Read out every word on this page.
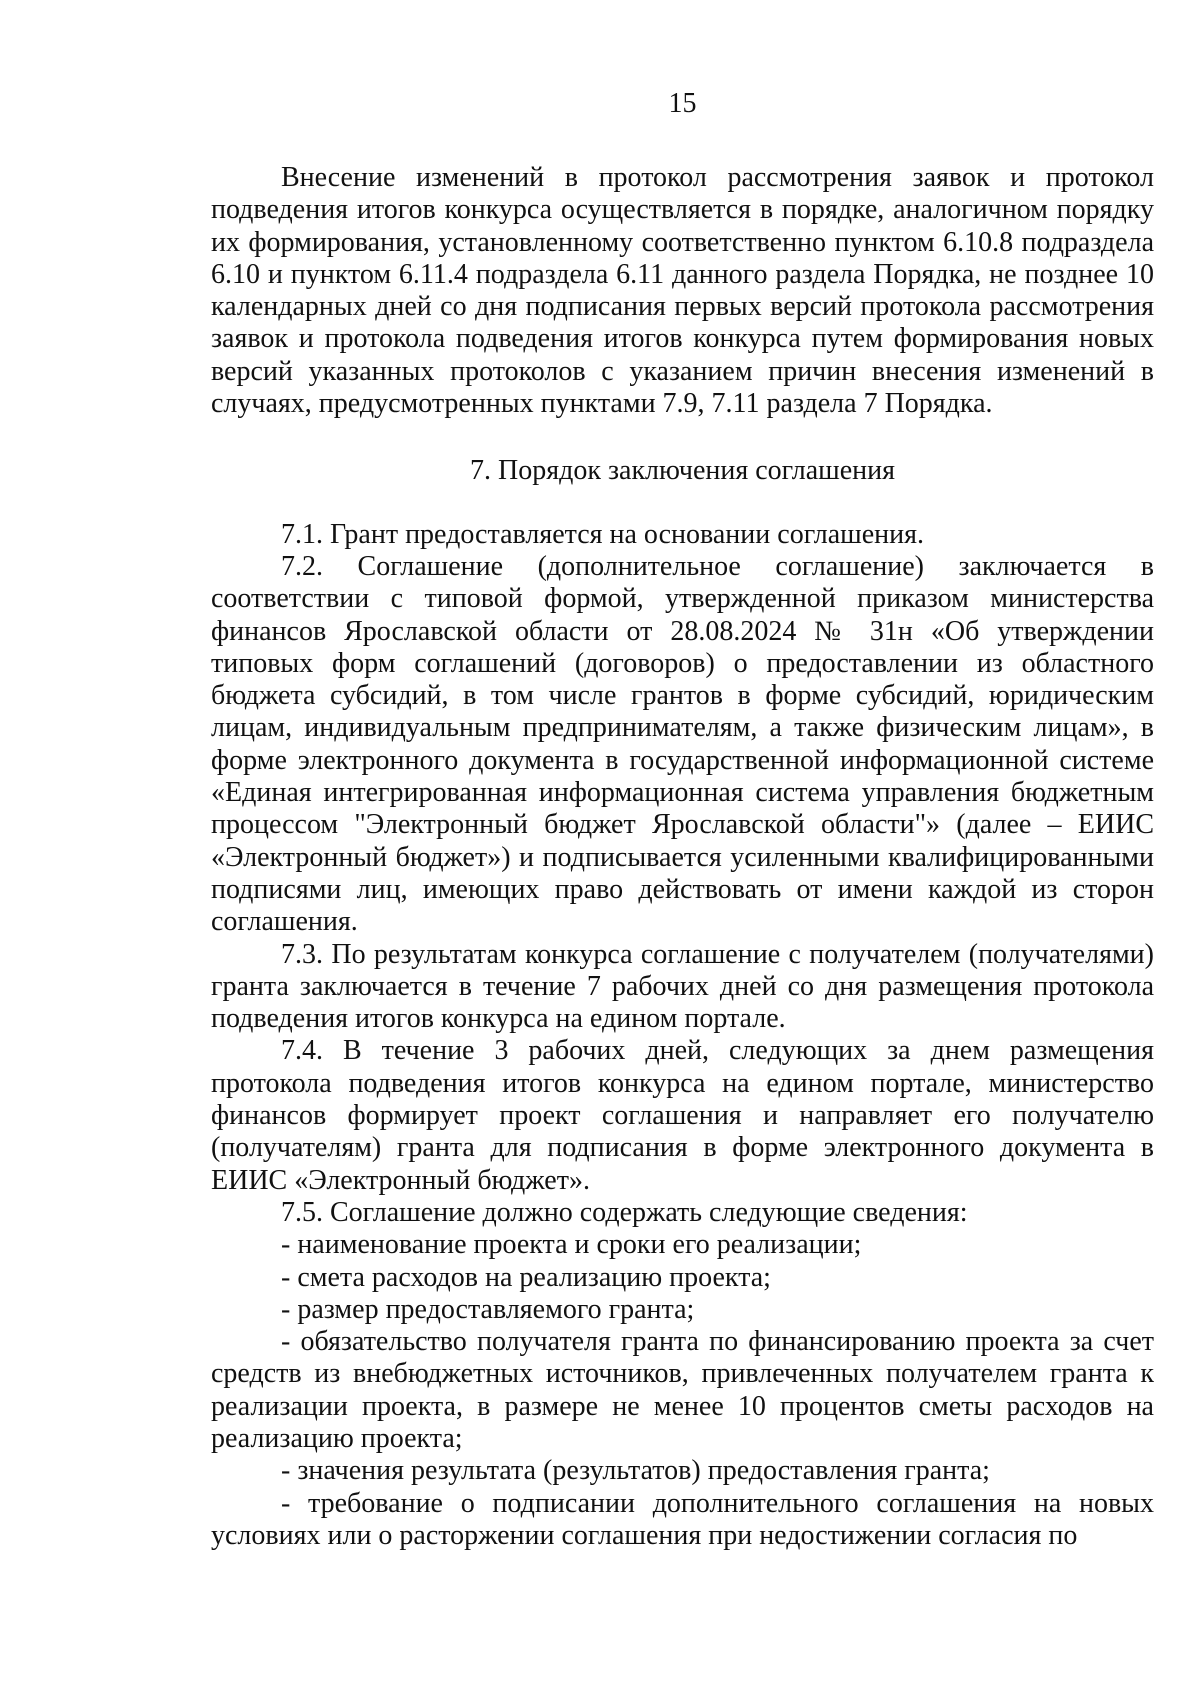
15

Внесение изменений в протокол рассмотрения заявок и протокол подведения итогов конкурса осуществляется в порядке, аналогичном порядку их формирования, установленному соответственно пунктом 6.10.8 подраздела 6.10 и пунктом 6.11.4 подраздела 6.11 данного раздела Порядка, не позднее 10 календарных дней со дня подписания первых версий протокола рассмотрения заявок и протокола подведения итогов конкурса путем формирования новых версий указанных протоколов с указанием причин внесения изменений в случаях, предусмотренных пунктами 7.9, 7.11 раздела 7 Порядка.

7. Порядок заключения соглашения

7.1. Грант предоставляется на основании соглашения.

7.2. Соглашение (дополнительное соглашение) заключается в соответствии с типовой формой, утвержденной приказом министерства финансов Ярославской области от 28.08.2024 № 31н «Об утверждении типовых форм соглашений (договоров) о предоставлении из областного бюджета субсидий, в том числе грантов в форме субсидий, юридическим лицам, индивидуальным предпринимателям, а также физическим лицам», в форме электронного документа в государственной информационной системе «Единая интегрированная информационная система управления бюджетным процессом "Электронный бюджет Ярославской области"» (далее – ЕИИС «Электронный бюджет») и подписывается усиленными квалифицированными подписями лиц, имеющих право действовать от имени каждой из сторон соглашения.

7.3. По результатам конкурса соглашение с получателем (получателями) гранта заключается в течение 7 рабочих дней со дня размещения протокола подведения итогов конкурса на едином портале.

7.4. В течение 3 рабочих дней, следующих за днем размещения протокола подведения итогов конкурса на едином портале, министерство финансов формирует проект соглашения и направляет его получателю (получателям) гранта для подписания в форме электронного документа в ЕИИС «Электронный бюджет».

7.5. Соглашение должно содержать следующие сведения:

- наименование проекта и сроки его реализации;

- смета расходов на реализацию проекта;

- размер предоставляемого гранта;

- обязательство получателя гранта по финансированию проекта за счет средств из внебюджетных источников, привлеченных получателем гранта к реализации проекта, в размере не менее 10 процентов сметы расходов на реализацию проекта;

- значения результата (результатов) предоставления гранта;

- требование о подписании дополнительного соглашения на новых условиях или о расторжении соглашения при недостижении согласия по
